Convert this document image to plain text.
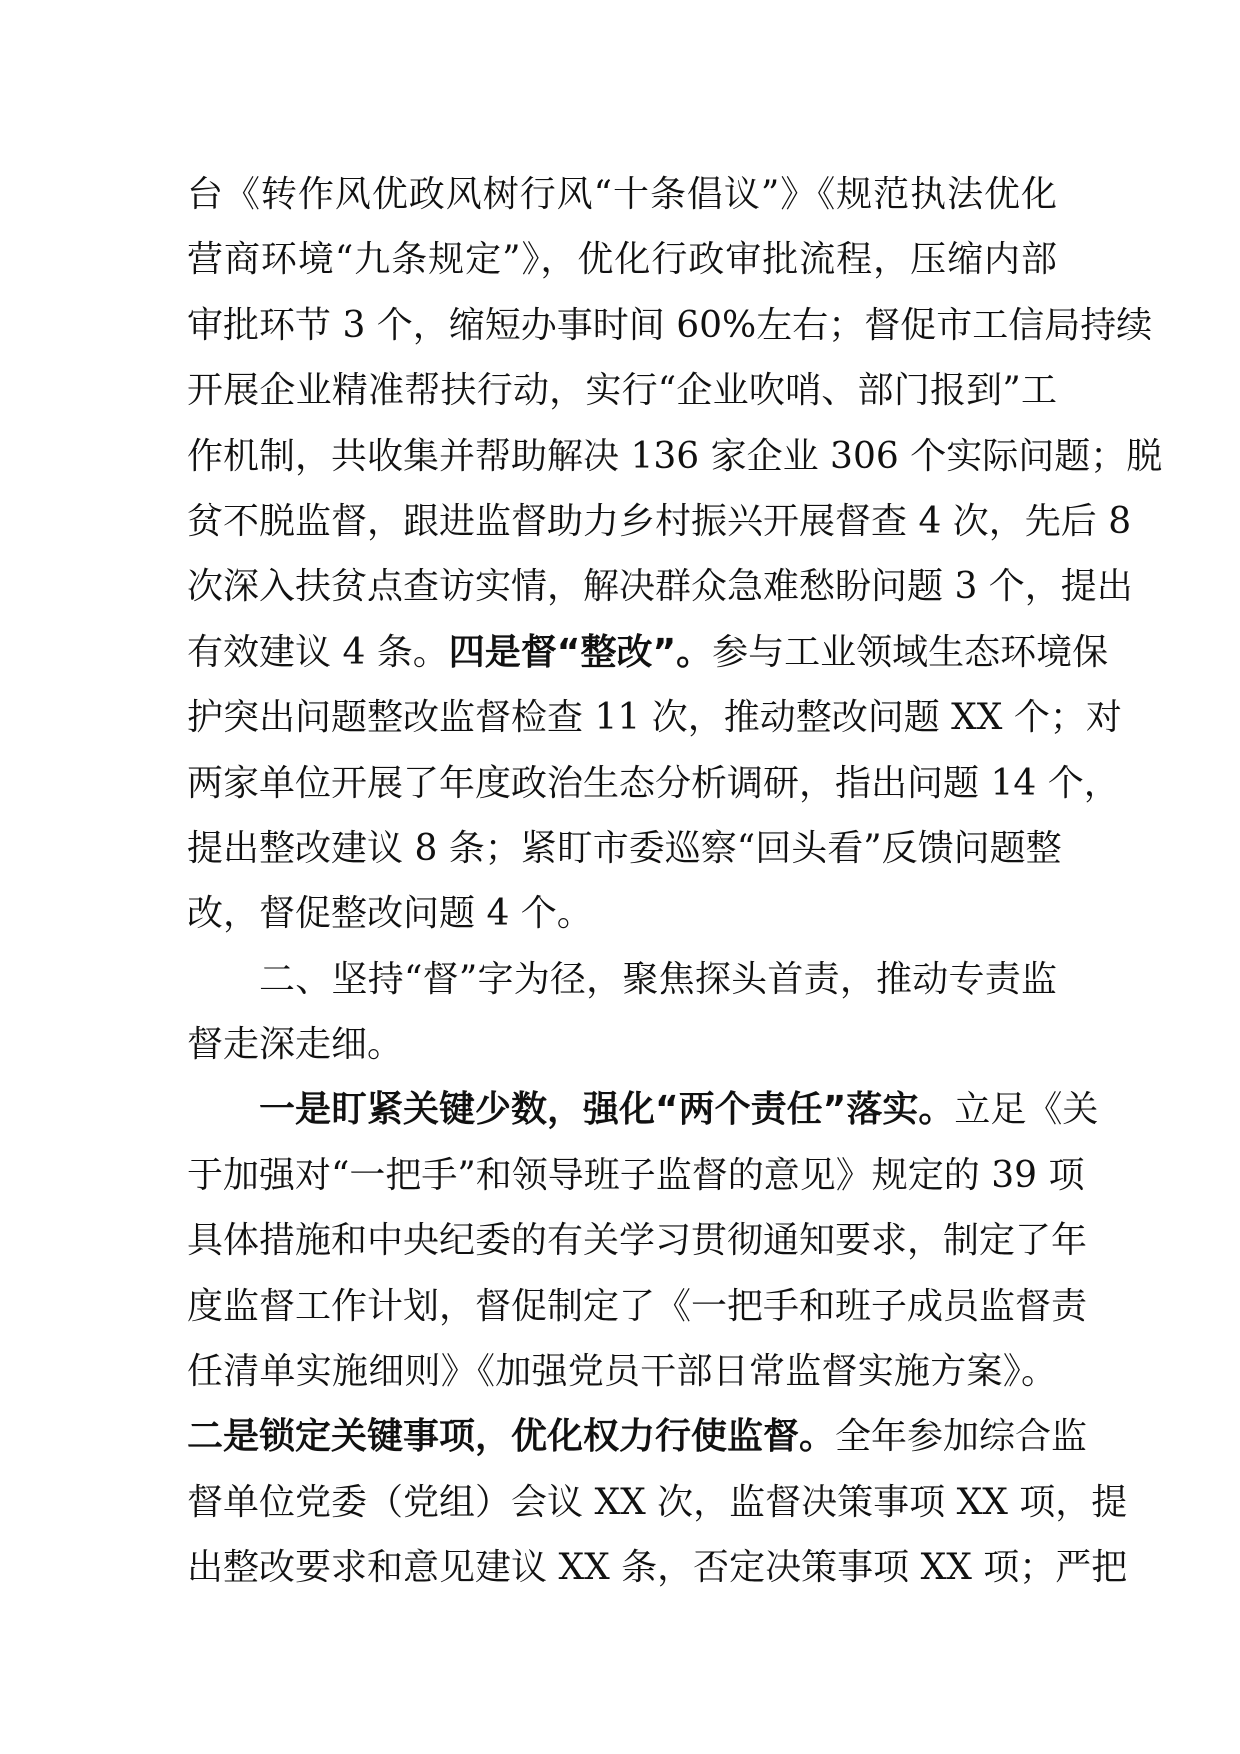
台《转作风优政风树行风“十条倡议”》《规范执法优化
营商环境“九条规定”》，优化行政审批流程，压缩内部
审批环节 3 个，缩短办事时间 60%左右；督促市工信局持续
开展企业精准帮扶行动，实行“企业吹哨、部门报到”工
作机制，共收集并帮助解决 136 家企业 306 个实际问题；脱
贫不脱监督，跟进监督助力乡村振兴开展督查 4 次，先后 8
次深入扶贫点查访实情，解决群众急难愁盼问题 3 个，提出
有效建议 4 条。四是督“整改”。参与工业领域生态环境保
护突出问题整改监督检查 11 次，推动整改问题 XX 个；对
两家单位开展了年度政治生态分析调研，指出问题 14 个，
提出整改建议 8 条；紧盯市委巡察“回头看”反馈问题整
改，督促整改问题 4 个。
二、坚持“督”字为径，聚焦探头首责，推动专责监
督走深走细。
一是盯紧关键少数，强化“两个责任”落实。立足《关
于加强对“一把手”和领导班子监督的意见》规定的 39 项
具体措施和中央纪委的有关学习贯彻通知要求，制定了年
度监督工作计划，督促制定了《一把手和班子成员监督责
任清单实施细则》《加强党员干部日常监督实施方案》。
二是锁定关键事项，优化权力行使监督。全年参加综合监
督单位党委（党组）会议 XX 次，监督决策事项 XX 项，提
出整改要求和意见建议 XX 条，否定决策事项 XX 项；严把
